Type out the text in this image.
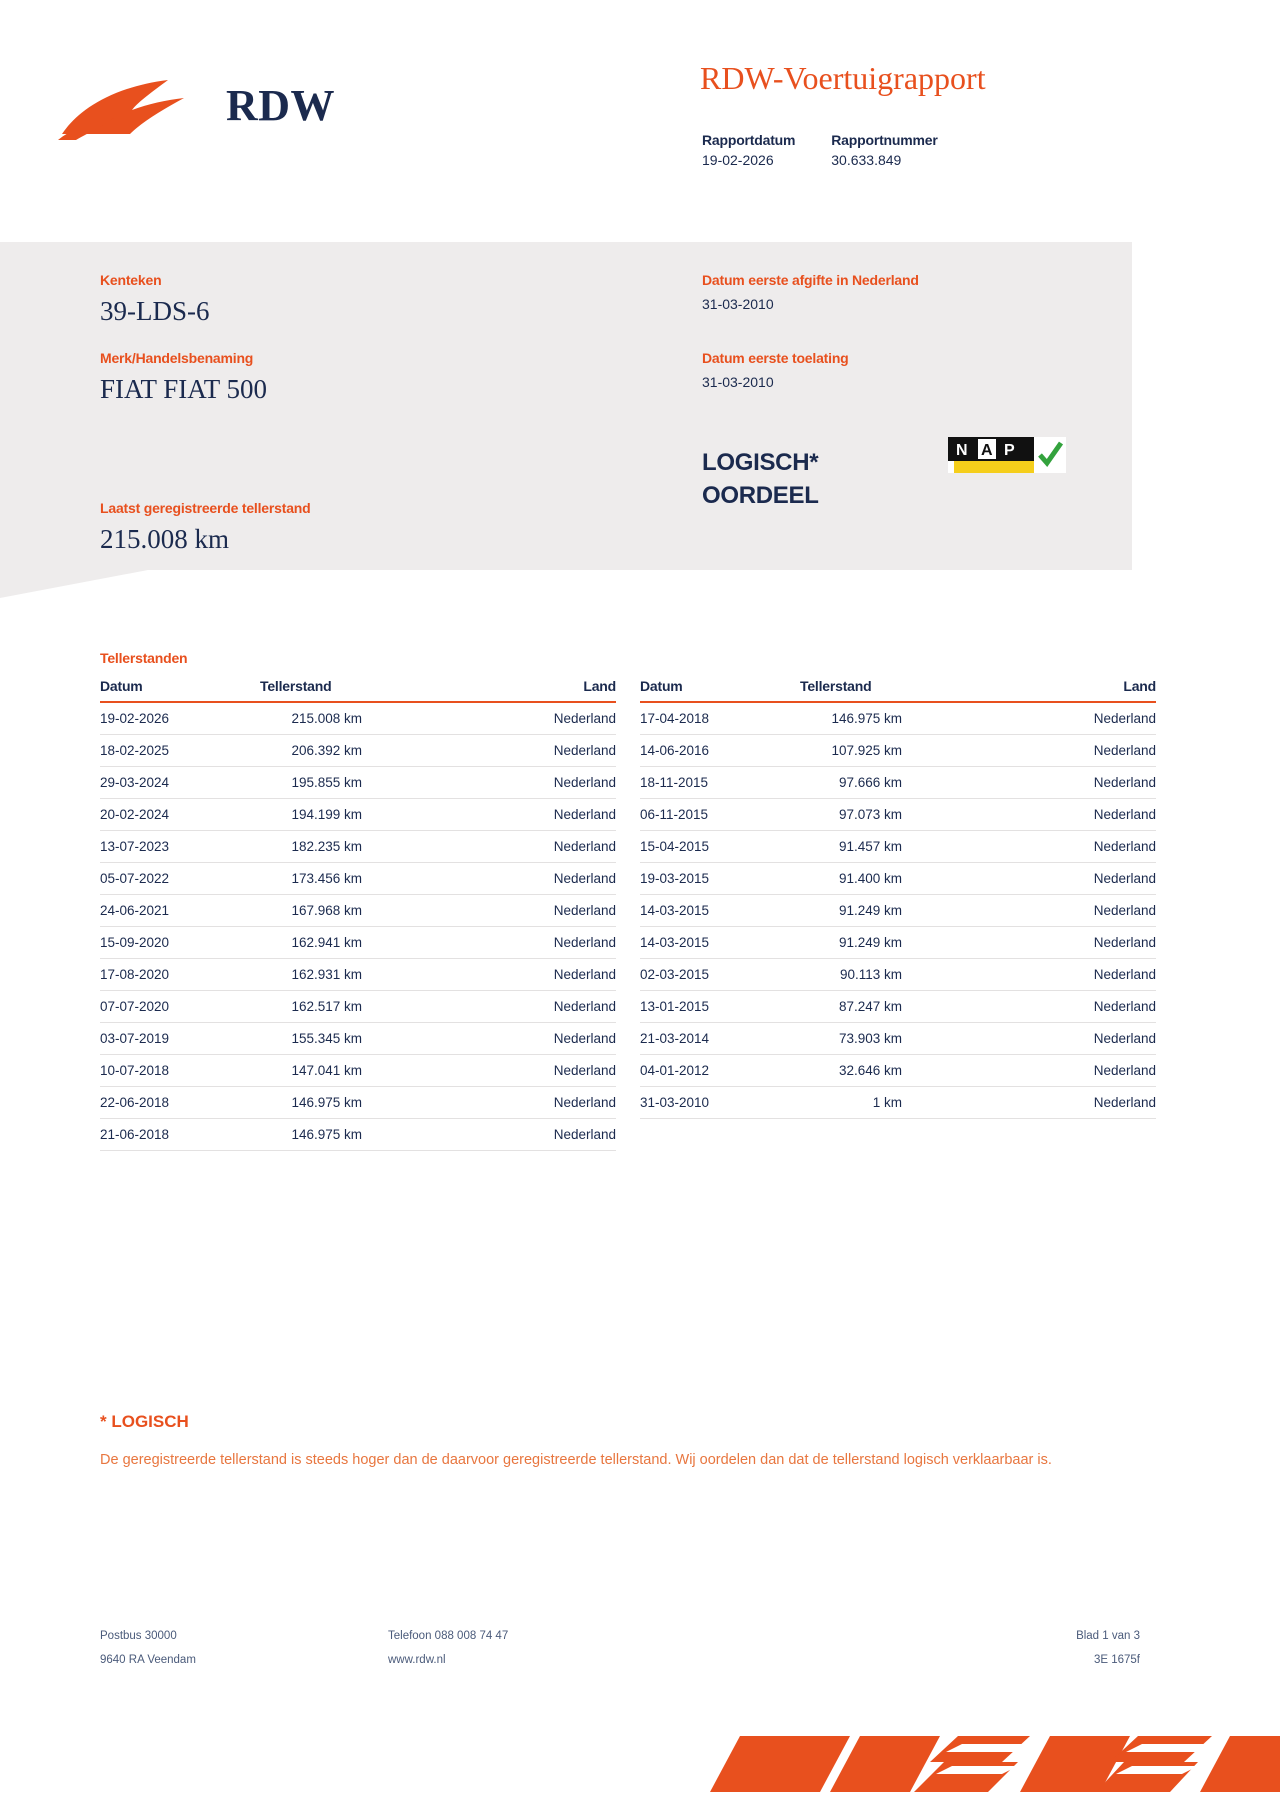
RDW
RDW-Voertuigrapport
Rapportdatum
19-02-2026
Rapportnummer
30.633.849
Kenteken
39-LDS-6
Merk/Handelsbenaming
FIAT FIAT 500
Laatst geregistreerde tellerstand
215.008 km
Datum eerste afgifte in Nederland
31-03-2010
Datum eerste toelating
31-03-2010
LOGISCH*
OORDEEL
N A P
Tellerstanden
Datum	Tellerstand	Land
19-02-2026	215.008 km	Nederland
18-02-2025	206.392 km	Nederland
29-03-2024	195.855 km	Nederland
20-02-2024	194.199 km	Nederland
13-07-2023	182.235 km	Nederland
05-07-2022	173.456 km	Nederland
24-06-2021	167.968 km	Nederland
15-09-2020	162.941 km	Nederland
17-08-2020	162.931 km	Nederland
07-07-2020	162.517 km	Nederland
03-07-2019	155.345 km	Nederland
10-07-2018	147.041 km	Nederland
22-06-2018	146.975 km	Nederland
21-06-2018	146.975 km	Nederland
Datum	Tellerstand	Land
17-04-2018	146.975 km	Nederland
14-06-2016	107.925 km	Nederland
18-11-2015	97.666 km	Nederland
06-11-2015	97.073 km	Nederland
15-04-2015	91.457 km	Nederland
19-03-2015	91.400 km	Nederland
14-03-2015	91.249 km	Nederland
14-03-2015	91.249 km	Nederland
02-03-2015	90.113 km	Nederland
13-01-2015	87.247 km	Nederland
21-03-2014	73.903 km	Nederland
04-01-2012	32.646 km	Nederland
31-03-2010	1 km	Nederland
* LOGISCH
De geregistreerde tellerstand is steeds hoger dan de daarvoor geregistreerde tellerstand. Wij oordelen dan dat de tellerstand logisch verklaarbaar is.
Postbus 30000
9640 RA Veendam
Telefoon 088 008 74 47
www.rdw.nl
Blad 1 van 3
3E 1675f
